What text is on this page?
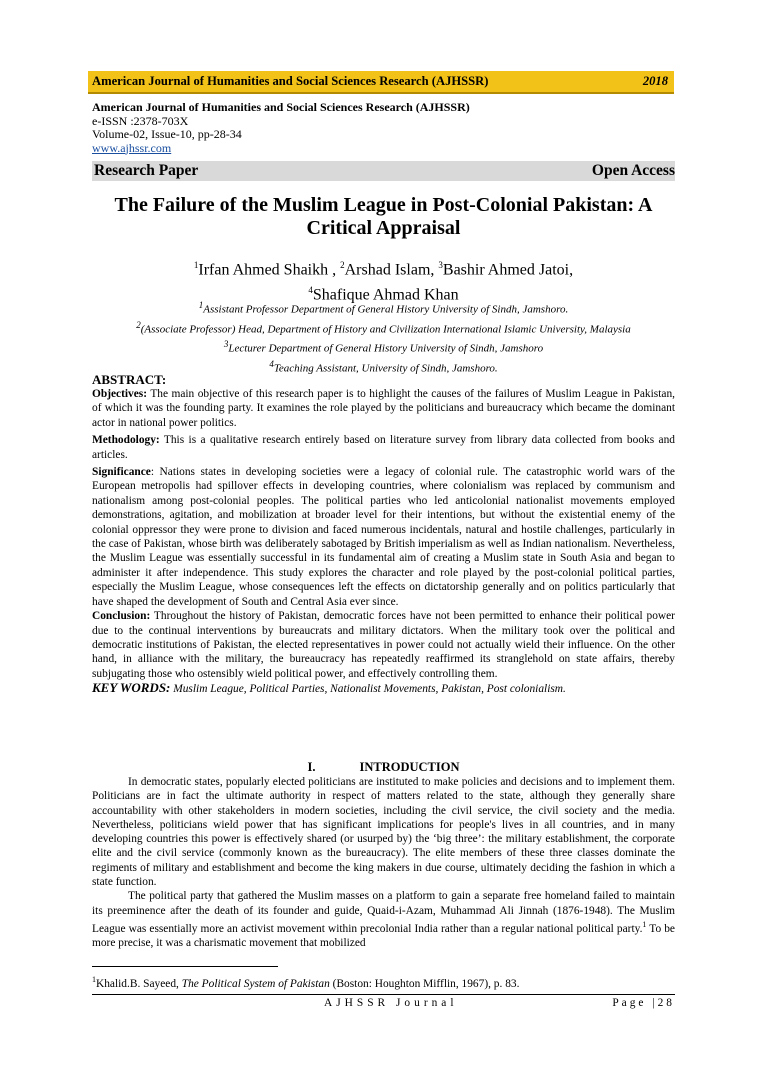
American Journal of Humanities and Social Sciences Research (AJHSSR)	2018
American Journal of Humanities and Social Sciences Research (AJHSSR)
e-ISSN :2378-703X
Volume-02, Issue-10, pp-28-34
www.ajhssr.com
Research Paper	Open Access
The Failure of the Muslim League in Post-Colonial Pakistan: A Critical Appraisal
$^1$Irfan Ahmed Shaikh , $^2$Arshad Islam, $^3$Bashir Ahmed Jatoi,
$^4$Shafique Ahmad Khan
$^1$Assistant Professor Department of General History University of Sindh, Jamshoro.
$^2$(Associate Professor) Head, Department of History and Civilization International Islamic University, Malaysia
$^3$Lecturer Department of General History University of Sindh, Jamshoro
$^4$Teaching Assistant, University of Sindh, Jamshoro.
ABSTRACT:

Objectives: The main objective of this research paper is to highlight the causes of the failures of Muslim League in Pakistan, of which it was the founding party. It examines the role played by the politicians and bureaucracy which became the dominant actor in national power politics.

Methodology: This is a qualitative research entirely based on literature survey from library data collected from books and articles.

Significance: Nations states in developing societies were a legacy of colonial rule. The catastrophic world wars of the European metropolis had spillover effects in developing countries, where colonialism was replaced by communism and nationalism among post-colonial peoples. The political parties who led anticolonial nationalist movements employed demonstrations, agitation, and mobilization at broader level for their intentions, but without the existential enemy of the colonial oppressor they were prone to division and faced numerous incidentals, natural and hostile challenges, particularly in the case of Pakistan, whose birth was deliberately sabotaged by British imperialism as well as Indian nationalism. Nevertheless, the Muslim League was essentially successful in its fundamental aim of creating a Muslim state in South Asia and began to administer it after independence. This study explores the character and role played by the post-colonial political parties, especially the Muslim League, whose consequences left the effects on dictatorship generally and on politics particularly that have shaped the development of South and Central Asia ever since.

Conclusion: Throughout the history of Pakistan, democratic forces have not been permitted to enhance their political power due to the continual interventions by bureaucrats and military dictators. When the military took over the political and democratic institutions of Pakistan, the elected representatives in power could not actually wield their influence. On the other hand, in alliance with the military, the bureaucracy has repeatedly reaffirmed its stranglehold on state affairs, thereby subjugating those who ostensibly wield political power, and effectively controlling them.

KEY WORDS: Muslim League, Political Parties, Nationalist Movements, Pakistan, Post colonialism.

I.	INTRODUCTION

In democratic states, popularly elected politicians are instituted to make policies and decisions and to implement them. Politicians are in fact the ultimate authority in respect of matters related to the state, although they generally share accountability with other stakeholders in modern societies, including the civil service, the civil society and the media. Nevertheless, politicians wield power that has significant implications for people's lives in all countries, and in many developing countries this power is effectively shared (or usurped by) the ‘big three’: the military establishment, the corporate elite and the civil service (commonly known as the bureaucracy). The elite members of these three classes dominate the regiments of military and establishment and become the king makers in due course, ultimately deciding the fashion in which a state function.

The political party that gathered the Muslim masses on a platform to gain a separate free homeland failed to maintain its preeminence after the death of its founder and guide, Quaid-i-Azam, Muhammad Ali Jinnah (1876-1948). The Muslim League was essentially more an activist movement within precolonial India rather than a regular national political party.$^1$ To be more precise, it was a charismatic movement that mobilized

$^1$Khalid.B. Sayeed, The Political System of Pakistan (Boston: Houghton Mifflin, 1967), p. 83.
AJHSSR Journal	Page |28
